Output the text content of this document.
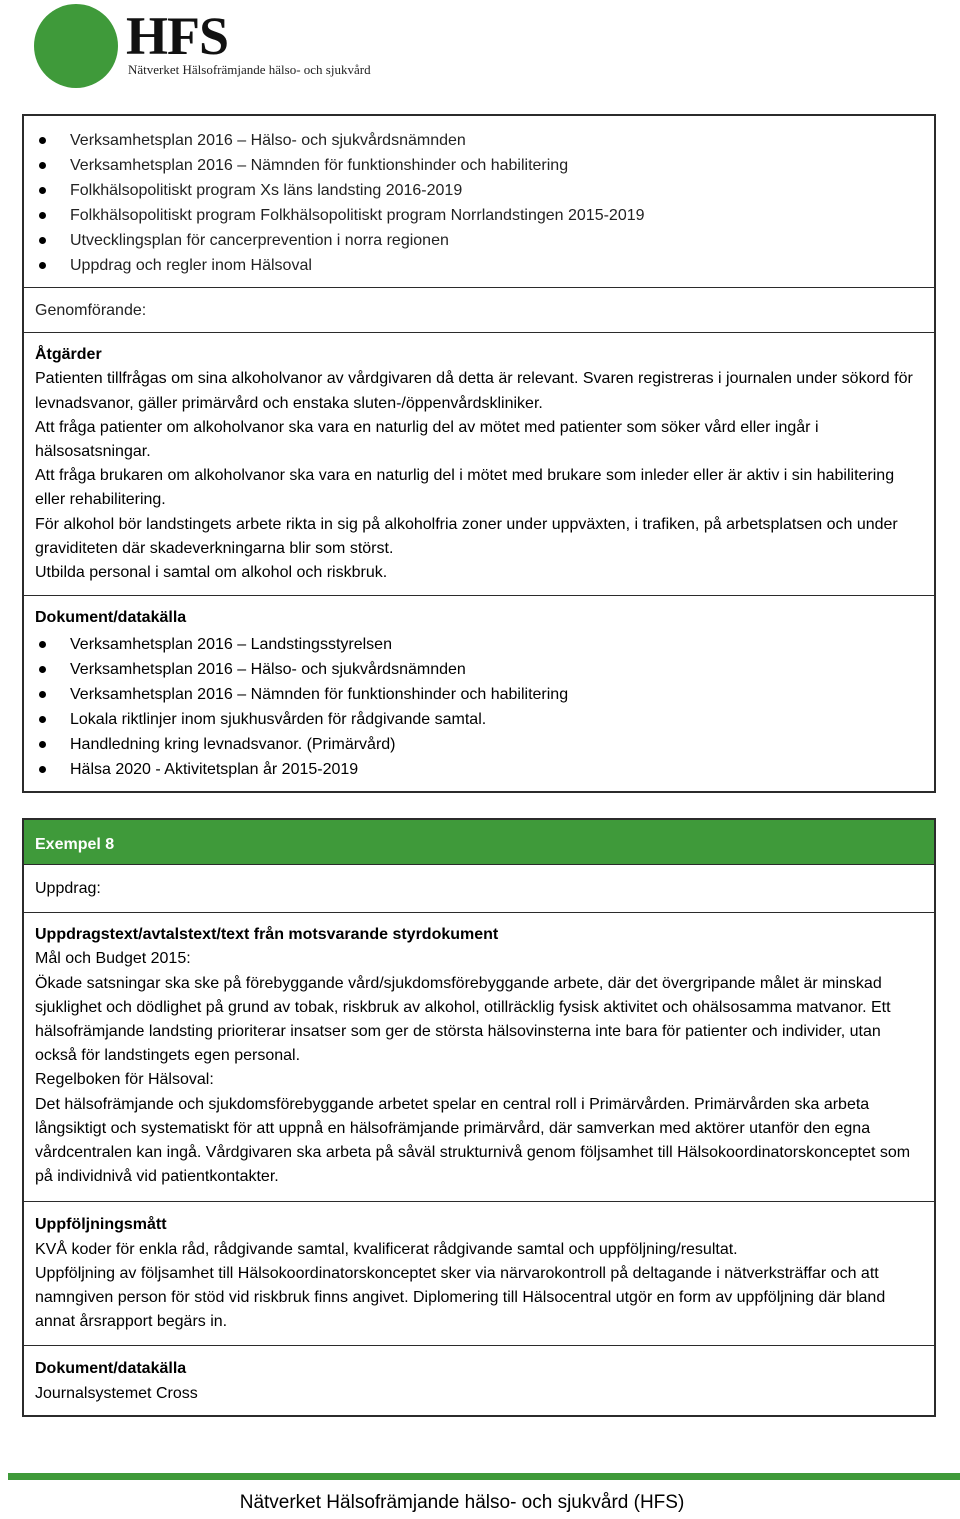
HFS
Nätverket Hälsofrämjande hälso- och sjukvård
Verksamhetsplan 2016 – Hälso- och sjukvårdsnämnden
Verksamhetsplan 2016 – Nämnden för funktionshinder och habilitering
Folkhälsopolitiskt program Xs läns landsting 2016-2019
Folkhälsopolitiskt program Folkhälsopolitiskt program Norrlandstingen 2015-2019
Utvecklingsplan för cancerprevention i norra regionen
Uppdrag och regler inom Hälsoval

Genomförande:

Åtgärder

Patienten tillfrågas om sina alkoholvanor av vårdgivaren då detta är relevant. Svaren registreras i journalen under sökord för levnadsvanor, gäller primärvård och enstaka sluten-/öppenvårdskliniker.

Att fråga patienter om alkoholvanor ska vara en naturlig del av mötet med patienter som söker vård eller ingår i hälsosatsningar.

Att fråga brukaren om alkoholvanor ska vara en naturlig del i mötet med brukare som inleder eller är aktiv i sin habilitering eller rehabilitering.

För alkohol bör landstingets arbete rikta in sig på alkoholfria zoner under uppväxten, i trafiken, på arbetsplatsen och under graviditeten där skadeverkningarna blir som störst.

Utbilda personal i samtal om alkohol och riskbruk.

Dokument/datakälla

Verksamhetsplan 2016 – Landstingsstyrelsen
Verksamhetsplan 2016 – Hälso- och sjukvårdsnämnden
Verksamhetsplan 2016 – Nämnden för funktionshinder och habilitering
Lokala riktlinjer inom sjukhusvården för rådgivande samtal.
Handledning kring levnadsvanor. (Primärvård)
Hälsa 2020 - Aktivitetsplan år 2015-2019
Exempel 8

Uppdrag:

Uppdragstext/avtalstext/text från motsvarande styrdokument

Mål och Budget 2015:

Ökade satsningar ska ske på förebyggande vård/sjukdomsförebyggande arbete, där det övergripande målet är minskad sjuklighet och dödlighet på grund av tobak, riskbruk av alkohol, otillräcklig fysisk aktivitet och ohälsosamma matvanor. Ett hälsofrämjande landsting prioriterar insatser som ger de största hälsovinsterna inte bara för patienter och individer, utan också för landstingets egen personal.

Regelboken för Hälsoval:

Det hälsofrämjande och sjukdomsförebyggande arbetet spelar en central roll i Primärvården. Primärvården ska arbeta långsiktigt och systematiskt för att uppnå en hälsofrämjande primärvård, där samverkan med aktörer utanför den egna vårdcentralen kan ingå. Vårdgivaren ska arbeta på såväl strukturnivå genom följsamhet till Hälsokoordinatorskonceptet som på individnivå vid patientkontakter.

Uppföljningsmått

KVÅ koder för enkla råd, rådgivande samtal, kvalificerat rådgivande samtal och uppföljning/resultat.

Uppföljning av följsamhet till Hälsokoordinatorskonceptet sker via närvarokontroll på deltagande i nätverksträffar och att namngiven person för stöd vid riskbruk finns angivet. Diplomering till Hälsocentral utgör en form av uppföljning där bland annat årsrapport begärs in.

Dokument/datakälla

Journalsystemet Cross

Nätverket Hälsofrämjande hälso- och sjukvård (HFS)
